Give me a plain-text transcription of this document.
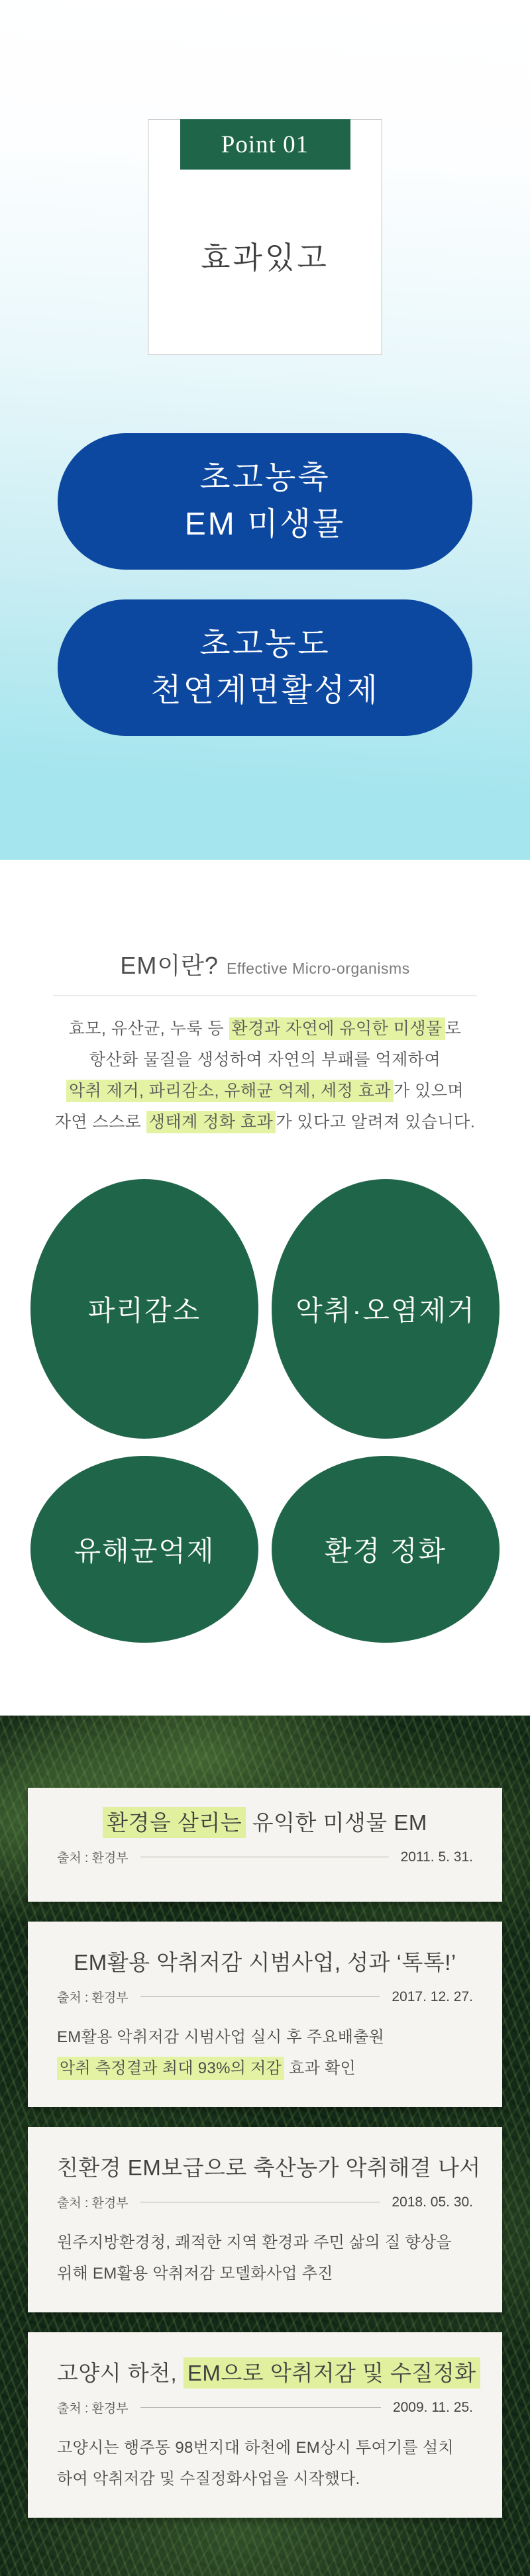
Point 01
효과있고
초고농축
EM 미생물
초고농도
천연계면활성제
EM이란? Effective Micro-organisms
효모, 유산균, 누룩 등 환경과 자연에 유익한 미생물 로
항산화 물질을 생성하여 자연의 부패를 억제하여
악취 제거, 파리감소, 유해균 억제, 세정 효과 가 있으며
자연 스스로 생태계 정화 효과 가 있다고 알려져 있습니다.
파리감소	악취·오염제거
유해균억제	환경 정화
환경을 살리는 유익한 미생물 EM
출처 : 환경부	2011. 5. 31.
EM활용 악취저감 시범사업, 성과 ‘톡톡!’
출처 : 환경부	2017. 12. 27.
EM활용 악취저감 시범사업 실시 후 주요배출원
악취 측정결과 최대 93%의 저감 효과 확인
친환경 EM보급으로 축산농가 악취해결 나서
출처 : 환경부	2018. 05. 30.
원주지방환경청, 쾌적한 지역 환경과 주민 삶의 질 향상을
위해 EM활용 악취저감 모델화사업 추진
고양시 하천, EM으로 악취저감 및 수질정화
출처 : 환경부	2009. 11. 25.
고양시는 행주동 98번지대 하천에 EM상시 투여기를 설치
하여 악취저감 및 수질정화사업을 시작했다.
